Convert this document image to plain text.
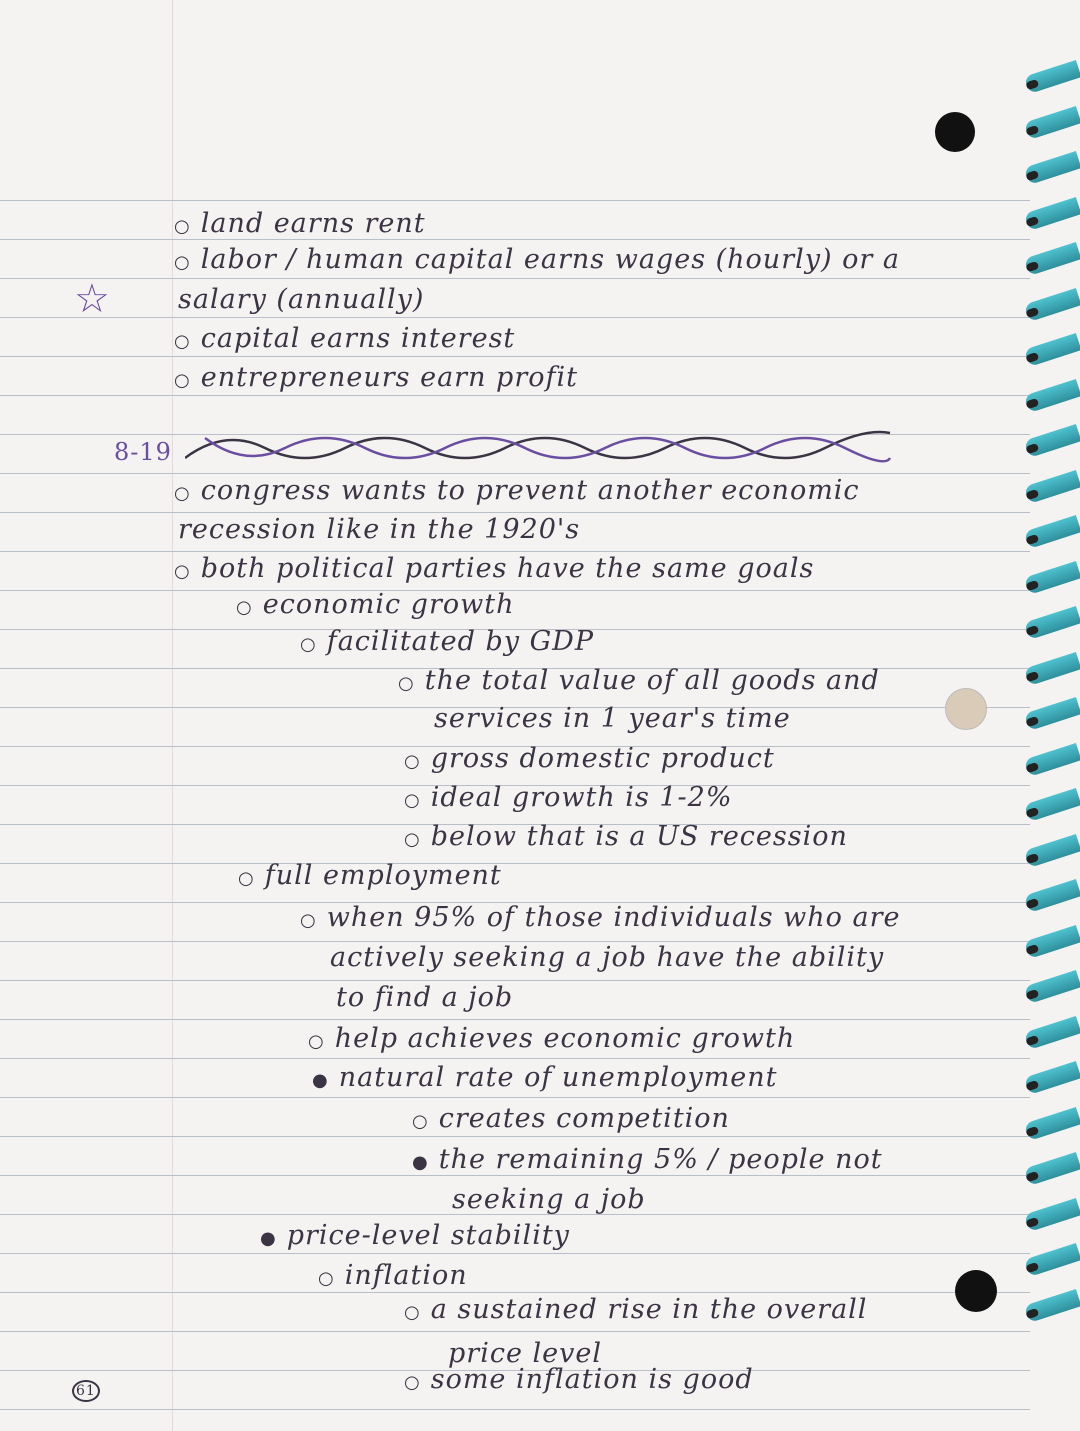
☆
8-19
○ land earns rent
○ labor / human capital earns wages (hourly) or a
salary (annually)
○ capital earns interest
○ entrepreneurs earn profit
○ congress wants to prevent another economic
recession like in the 1920's
○ both political parties have the same goals
○ economic growth
○ facilitated by GDP
○ the total value of all goods and
services in 1 year's time
○ gross domestic product
○ ideal growth is 1-2%
○ below that is a US recession
○ full employment
○ when 95% of those individuals who are
actively seeking a job have the ability
to find a job
○ help achieves economic growth
● natural rate of unemployment
○ creates competition
● the remaining 5% / people not
seeking a job
● price-level stability
○ inflation
○ a sustained rise in the overall
price level
○ some inflation is good
61
